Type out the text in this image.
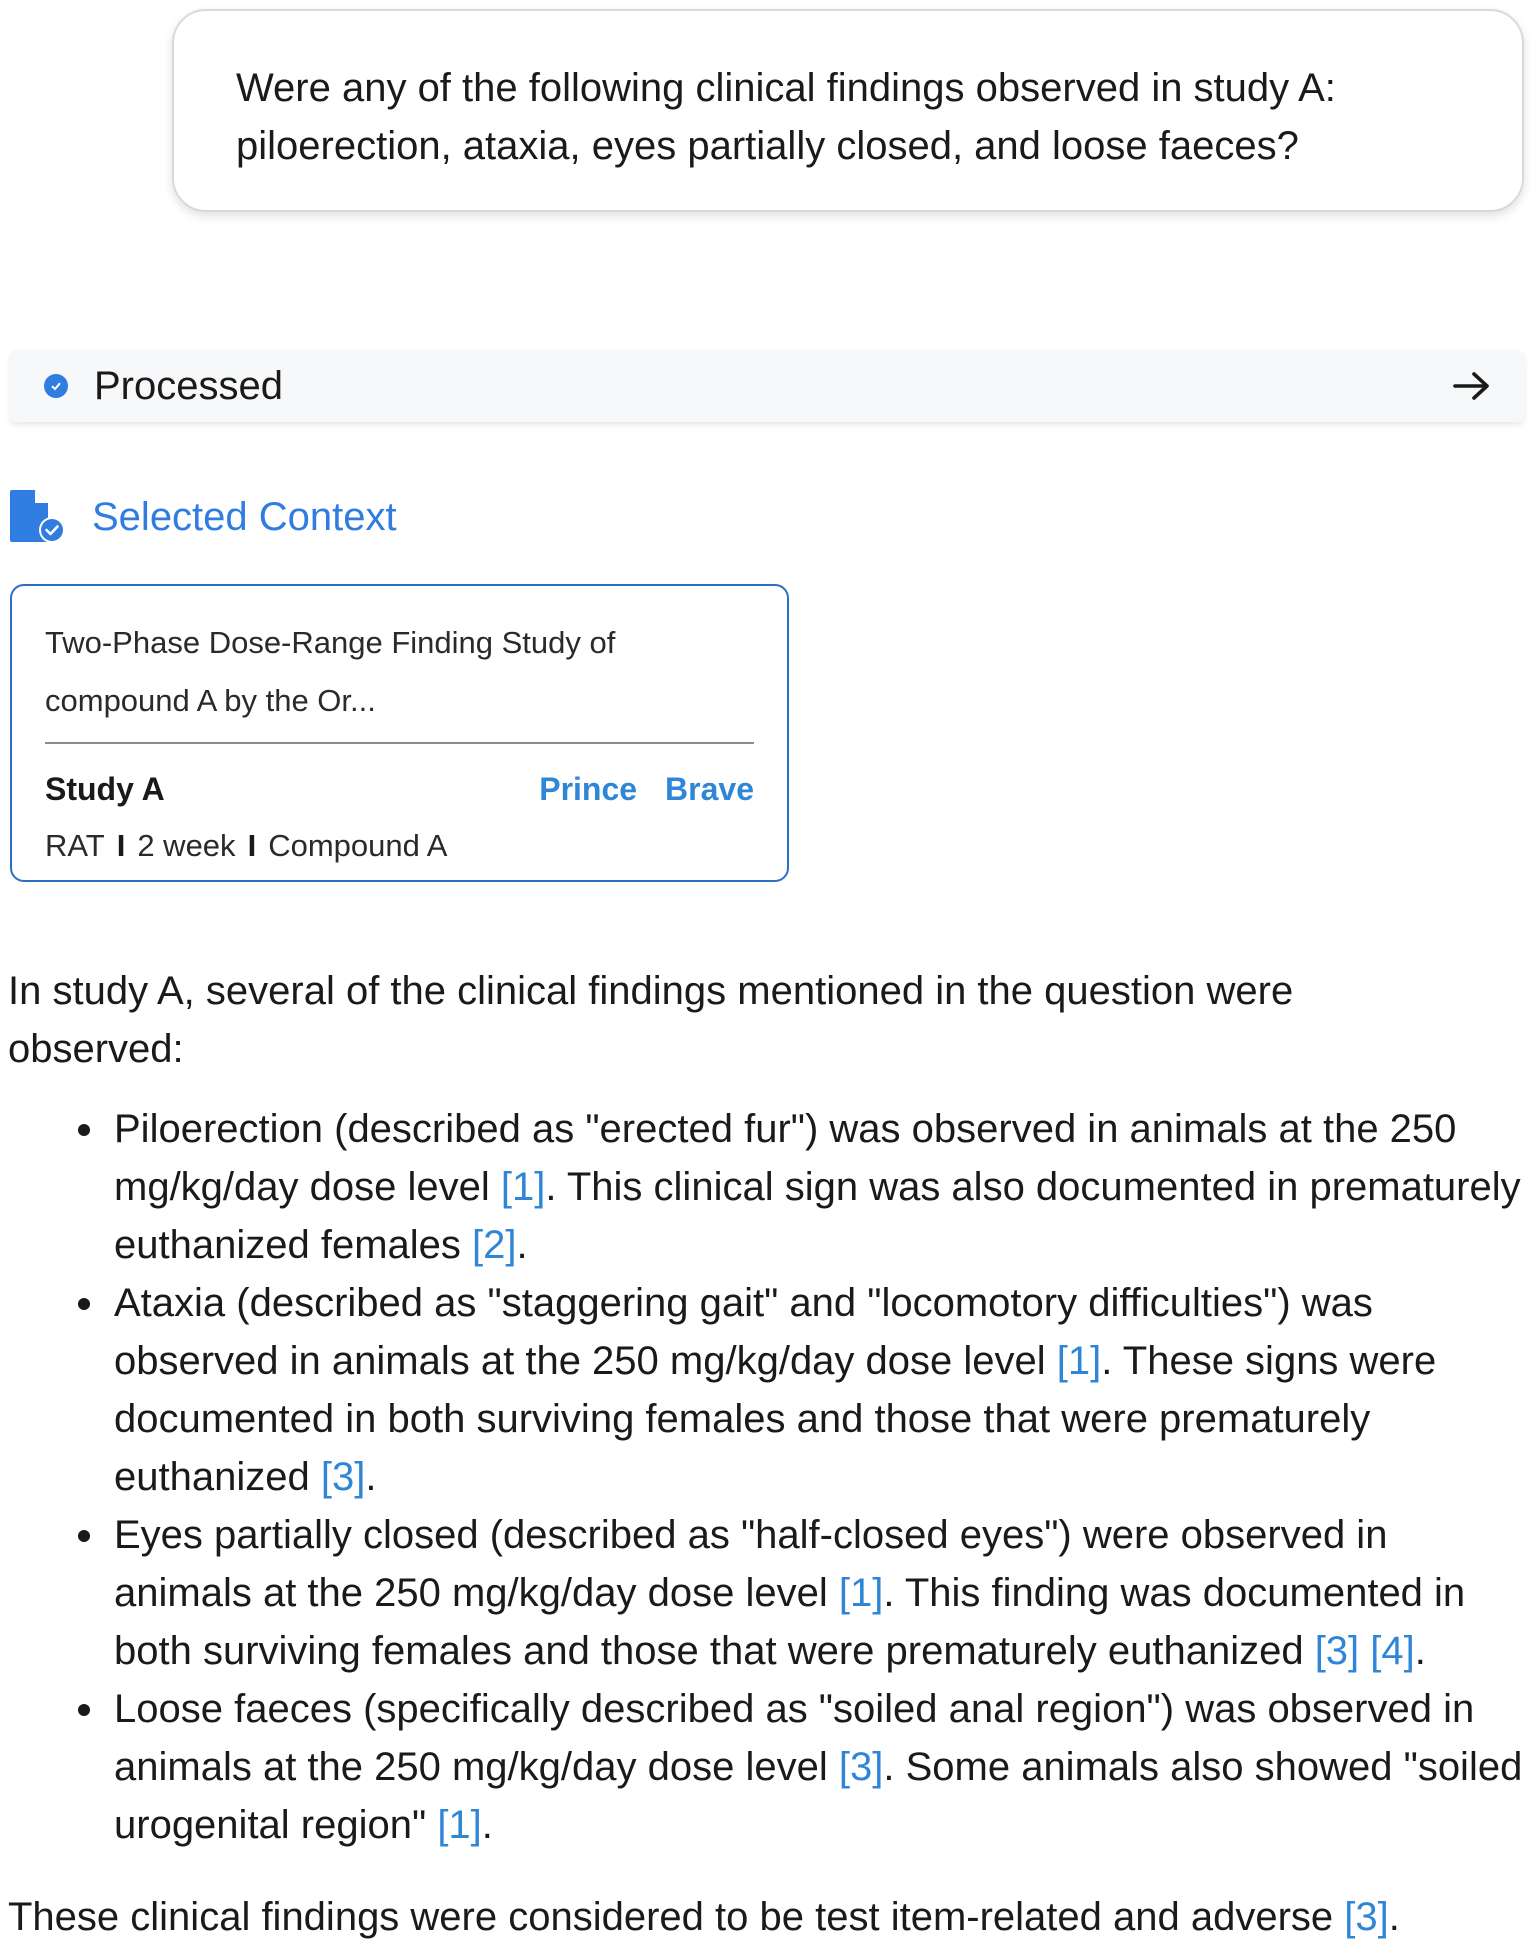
Were any of the following clinical findings observed in study A: piloerection, ataxia, eyes partially closed, and loose faeces?

Processed
Selected Context
Two-Phase Dose-Range Finding Study of
compound A by the Or...
Study A	Prince Brave
RAT I 2 week I Compound A

In study A, several of the clinical findings mentioned in the question were observed:

Piloerection (described as "erected fur") was observed in animals at the 250 mg/kg/day dose level [1]. This clinical sign was also documented in prematurely euthanized females [2].
Ataxia (described as "staggering gait" and "locomotory difficulties") was observed in animals at the 250 mg/kg/day dose level [1]. These signs were documented in both surviving females and those that were prematurely euthanized [3].
Eyes partially closed (described as "half-closed eyes") were observed in animals at the 250 mg/kg/day dose level [1]. This finding was documented in both surviving females and those that were prematurely euthanized [3] [4].
Loose faeces (specifically described as "soiled anal region") was observed in animals at the 250 mg/kg/day dose level [3]. Some animals also showed "soiled urogenital region" [1].

These clinical findings were considered to be test item-related and adverse [3].
